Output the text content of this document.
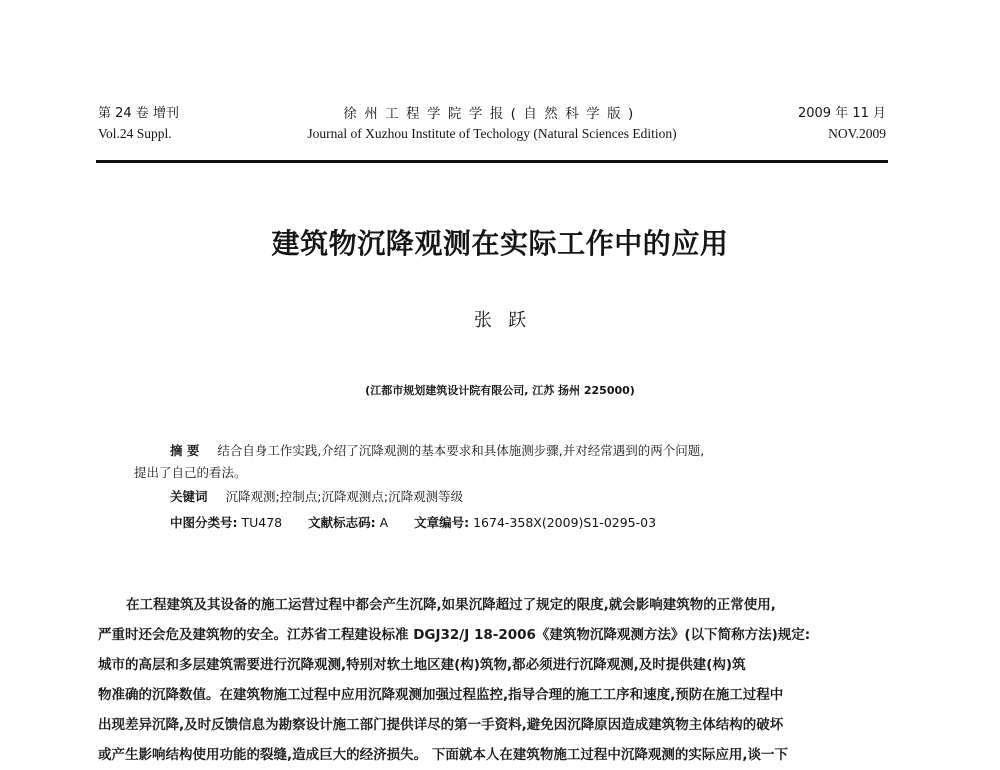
第 24 卷 增刊
Vol.24 Suppl.
徐州工程学院学报(自然科学版)
Journal of Xuzhou Institute of Techology (Natural Sciences Edition)
2009 年 11 月
NOV.2009
建筑物沉降观测在实际工作中的应用
张跃
(江都市规划建筑设计院有限公司, 江苏 扬州 225000)
摘 要 结合自身工作实践,介绍了沉降观测的基本要求和具体施测步骤,并对经常遇到的两个问题,
提出了自己的看法。
关键词 沉降观测;控制点;沉降观测点;沉降观测等级
中图分类号: TU478 文献标志码: A 文章编号: 1674-358X(2009)S1-0295-03
在工程建筑及其设备的施工运营过程中都会产生沉降,如果沉降超过了规定的限度,就会影响建筑物的正常使用,
严重时还会危及建筑物的安全。江苏省工程建设标准 DGJ32/J 18-2006《建筑物沉降观测方法》(以下简称方法)规定:
城市的高层和多层建筑需要进行沉降观测,特别对软土地区建(构)筑物,都必须进行沉降观测,及时提供建(构)筑
物准确的沉降数值。在建筑物施工过程中应用沉降观测加强过程监控,指导合理的施工工序和速度,预防在施工过程中
出现差异沉降,及时反馈信息为勘察设计施工部门提供详尽的第一手资料,避免因沉降原因造成建筑物主体结构的破坏
或产生影响结构使用功能的裂缝,造成巨大的经济损失。 下面就本人在建筑物施工过程中沉降观测的实际应用,谈一下
